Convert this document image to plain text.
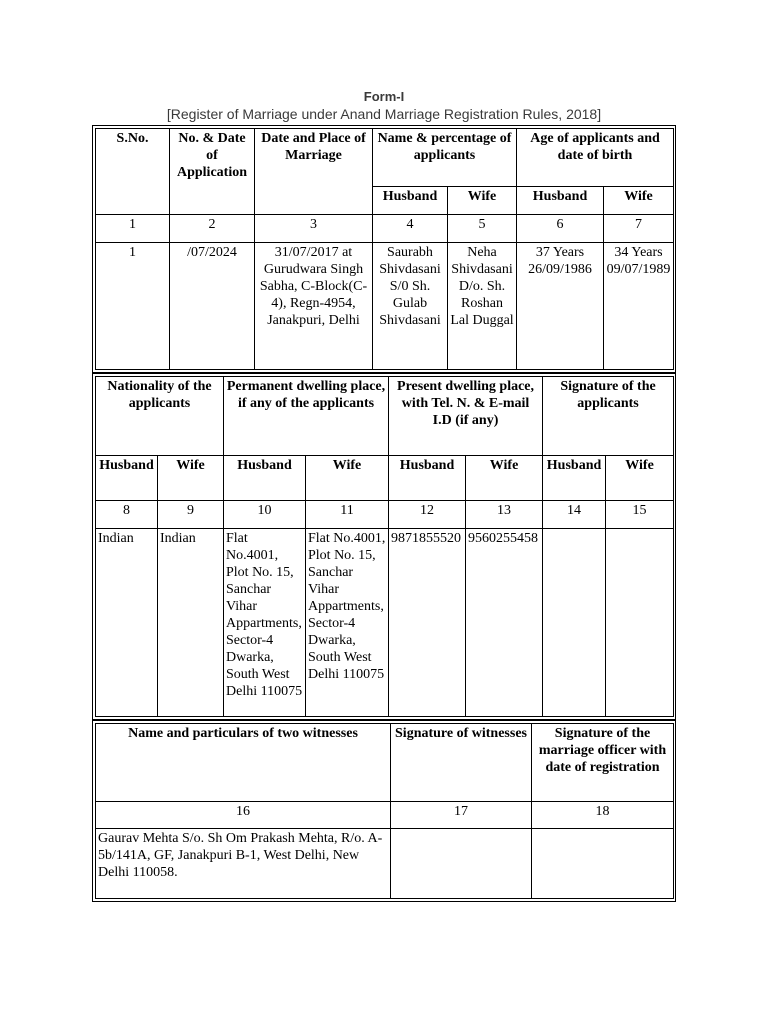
Form-I
[Register of Marriage under Anand Marriage Registration Rules, 2018]
S.No.	No. & Date of Application	Date and Place of Marriage	Name & percentage of applicants		Age of applicants and date of birth	
			Husband	Wife	Husband	Wife
1	2	3	4	5	6	7
1	/07/2024	31/07/2017 at Gurudwara Singh Sabha, C-Block(C-4), Regn-4954, Janakpuri, Delhi	Saurabh Shivdasani S/0 Sh. Gulab Shivdasani	Neha Shivdasani D/o. Sh. Roshan Lal Duggal	37 Years 26/09/1986	34 Years 09/07/1989
Nationality of the applicants		Permanent dwelling place, if any of the applicants		Present dwelling place, with Tel. N. & E-mail I.D (if any)		Signature of the applicants	
Husband	Wife	Husband	Wife	Husband	Wife	Husband	Wife
8	9	10	11	12	13	14	15
Indian	Indian	Flat No.4001, Plot No. 15, Sanchar Vihar Appartments, Sector-4 Dwarka, South West Delhi 110075	Flat No.4001, Plot No. 15, Sanchar Vihar Appartments, Sector-4 Dwarka, South West Delhi 110075	9871855520	9560255458		
Name and particulars of two witnesses	Signature of witnesses	Signature of the marriage officer with date of registration
16	17	18
Gaurav Mehta S/o. Sh Om Prakash Mehta, R/o. A-5b/141A, GF, Janakpuri B-1, West Delhi, New Delhi 110058.		
